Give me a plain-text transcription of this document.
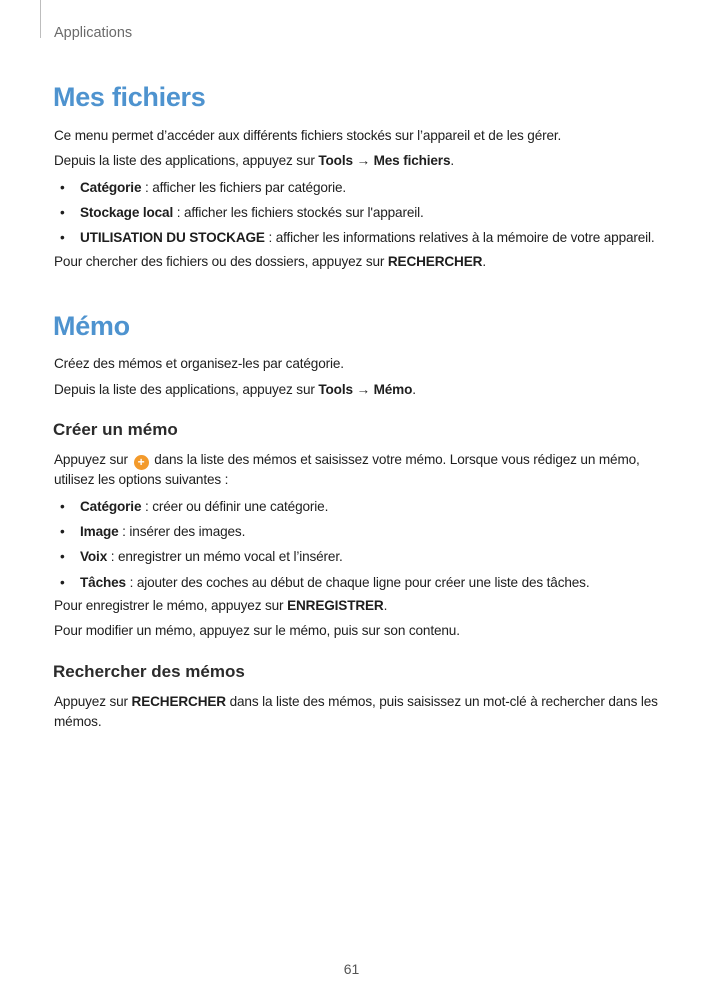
Applications
Mes fichiers
Ce menu permet d’accéder aux différents fichiers stockés sur l’appareil et de les gérer.
Depuis la liste des applications, appuyez sur Tools → Mes fichiers.
• Catégorie : afficher les fichiers par catégorie.
• Stockage local : afficher les fichiers stockés sur l'appareil.
• UTILISATION DU STOCKAGE : afficher les informations relatives à la mémoire de votre appareil.
Pour chercher des fichiers ou des dossiers, appuyez sur RECHERCHER.
Mémo
Créez des mémos et organisez-les par catégorie.
Depuis la liste des applications, appuyez sur Tools → Mémo.
Créer un mémo
Appuyez sur + dans la liste des mémos et saisissez votre mémo. Lorsque vous rédigez un mémo,
utilisez les options suivantes :
• Catégorie : créer ou définir une catégorie.
• Image : insérer des images.
• Voix : enregistrer un mémo vocal et l’insérer.
• Tâches : ajouter des coches au début de chaque ligne pour créer une liste des tâches.
Pour enregistrer le mémo, appuyez sur ENREGISTRER.
Pour modifier un mémo, appuyez sur le mémo, puis sur son contenu.
Rechercher des mémos
Appuyez sur RECHERCHER dans la liste des mémos, puis saisissez un mot-clé à rechercher dans les
mémos.
61
